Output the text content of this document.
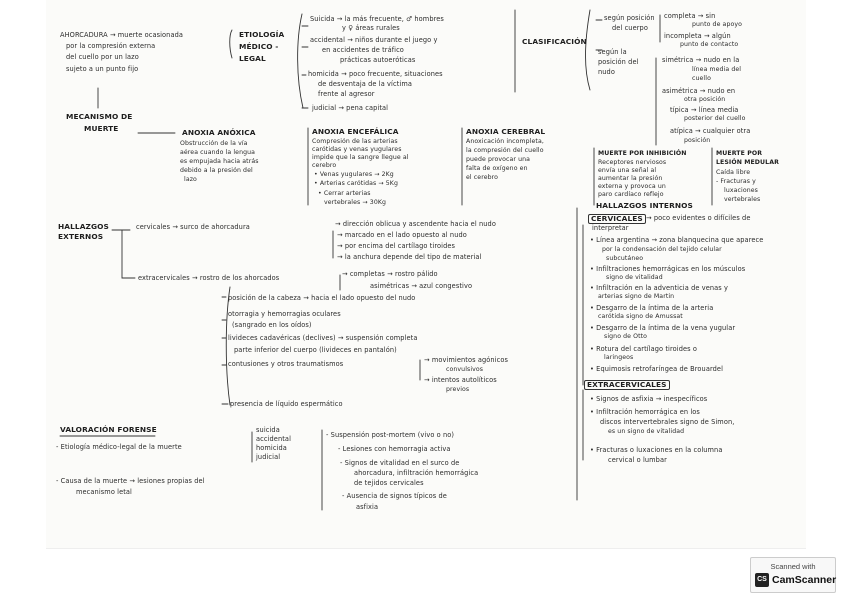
AHORCADURA → muerte ocasionada
por la compresión externa
del cuello por un lazo
sujeto a un punto fijo
ETIOLOGÍA
MÉDICO -
LEGAL
Suicida → la más frecuente, ♂ hombres
y ♀ áreas rurales
accidental → niños durante el juego y
en accidentes de tráfico
prácticas autoeróticas
homicida → poco frecuente, situaciones
de desventaja de la víctima
frente al agresor
judicial → pena capital
CLASIFICACIÓN
según posición
del cuerpo
completa → sin
punto de apoyo
incompleta → algún
punto de contacto
según la
posición del
nudo
simétrica → nudo en la
línea media del
cuello
asimétrica → nudo en
otra posición
típica → línea media
posterior del cuello
atípica → cualquier otra
posición
MECANISMO DE
MUERTE	ANOXIA ANÓXICA
Obstrucción de la vía
aérea cuando la lengua
es empujada hacia atrás
debido a la presión del
lazo
ANOXIA ENCEFÁLICA
Compresión de las arterias
carótidas y venas yugulares
impide que la sangre llegue al
cerebro
• Venas yugulares → 2Kg
• Arterias carótidas → 5Kg
• Cerrar arterias
vertebrales → 30Kg
ANOXIA CEREBRAL
Anoxicación incompleta,
la compresión del cuello
puede provocar una
falta de oxígeno en
el cerebro
MUERTE POR INHIBICIÓN
Receptores nerviosos
envía una señal al
aumentar la presión
externa y provoca un
paro cardíaco reflejo
MUERTE POR
LESIÓN MEDULAR
Caída libre
- Fracturas y
luxaciones
vertebrales
HALLAZGOS INTERNOS
CERVICALES → poco evidentes o difíciles de
interpretar
• Línea argentina → zona blanquecina que aparece
por la condensación del tejido celular
subcutáneo
• Infiltraciones hemorrágicas en los músculos
signo de vitalidad
• Infiltración en la adventicia de venas y
arterias signo de Martin
• Desgarro de la íntima de la arteria
carótida signo de Amussat
• Desgarro de la íntima de la vena yugular
signo de Otto
• Rotura del cartílago tiroides o
laringeos
• Equimosis retrofaríngea de Brouardel
EXTRACERVICALES
• Signos de asfixia → inespecíficos
• Infiltración hemorrágica en los
discos intervertebrales signo de Simon,
es un signo de vitalidad
• Fracturas o luxaciones en la columna
cervical o lumbar
HALLAZGOS
EXTERNOS
cervicales → surco de ahorcadura	→ dirección oblicua y ascendente hacia el nudo
→ marcado en el lado opuesto al nudo
→ por encima del cartílago tiroides
→ la anchura depende del tipo de material
extracervicales → rostro de los ahorcados	→ completas → rostro pálido
asimétricas → azul congestivo
posición de la cabeza → hacia el lado opuesto del nudo
otorragia y hemorragias oculares
(sangrado en los oídos)
livideces cadavéricas (declives) → suspensión completa
parte inferior del cuerpo (livideces en pantalón)
contusiones y otros traumatismos	→ movimientos agónicos
convulsivos
→ intentos autolíticos
previos
presencia de líquido espermático
VALORACIÓN FORENSE
- Etiología médico-legal de la muerte
suicida
accidental
homicida
judicial
- Suspensión post-mortem (vivo o no)
- Lesiones con hemorragia activa
- Signos de vitalidad en el surco de
ahorcadura, infiltración hemorrágica
de tejidos cervicales
- Ausencia de signos típicos de
asfixia
- Causa de la muerte → lesiones propias del
mecanismo letal
Scanned with
CS CamScanner
